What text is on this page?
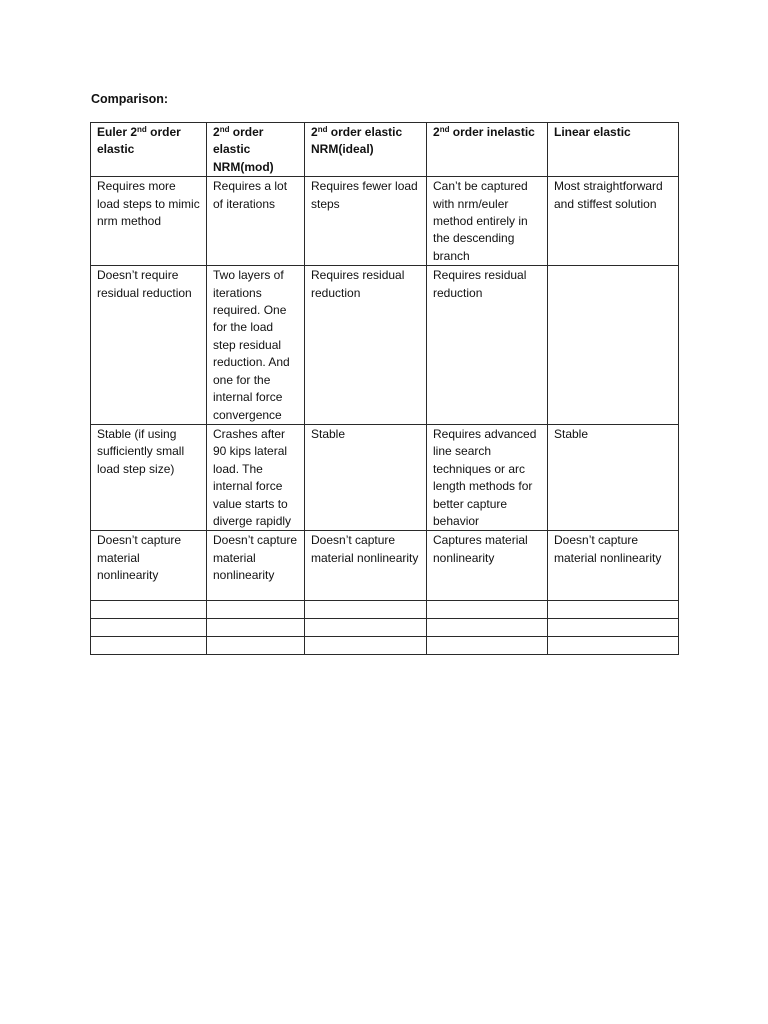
Comparison:
Euler 2nd order elastic	2nd order elastic NRM(mod)	2nd order elastic NRM(ideal)	2nd order inelastic	Linear elastic
Requires more load steps to mimic nrm method	Requires a lot of iterations	Requires fewer load steps	Can’t be captured with nrm/euler method entirely in the descending branch	Most straightforward and stiffest solution
Doesn’t require residual reduction	Two layers of iterations required. One for the load step residual reduction. And one for the internal force convergence	Requires residual reduction	Requires residual reduction	
Stable (if using sufficiently small load step size)	Crashes after 90 kips lateral load. The internal force value starts to diverge rapidly	Stable	Requires advanced line search techniques or arc length methods for better capture behavior	Stable
Doesn’t capture material nonlinearity	Doesn’t capture material nonlinearity	Doesn’t capture material nonlinearity	Captures material nonlinearity	Doesn’t capture material nonlinearity
